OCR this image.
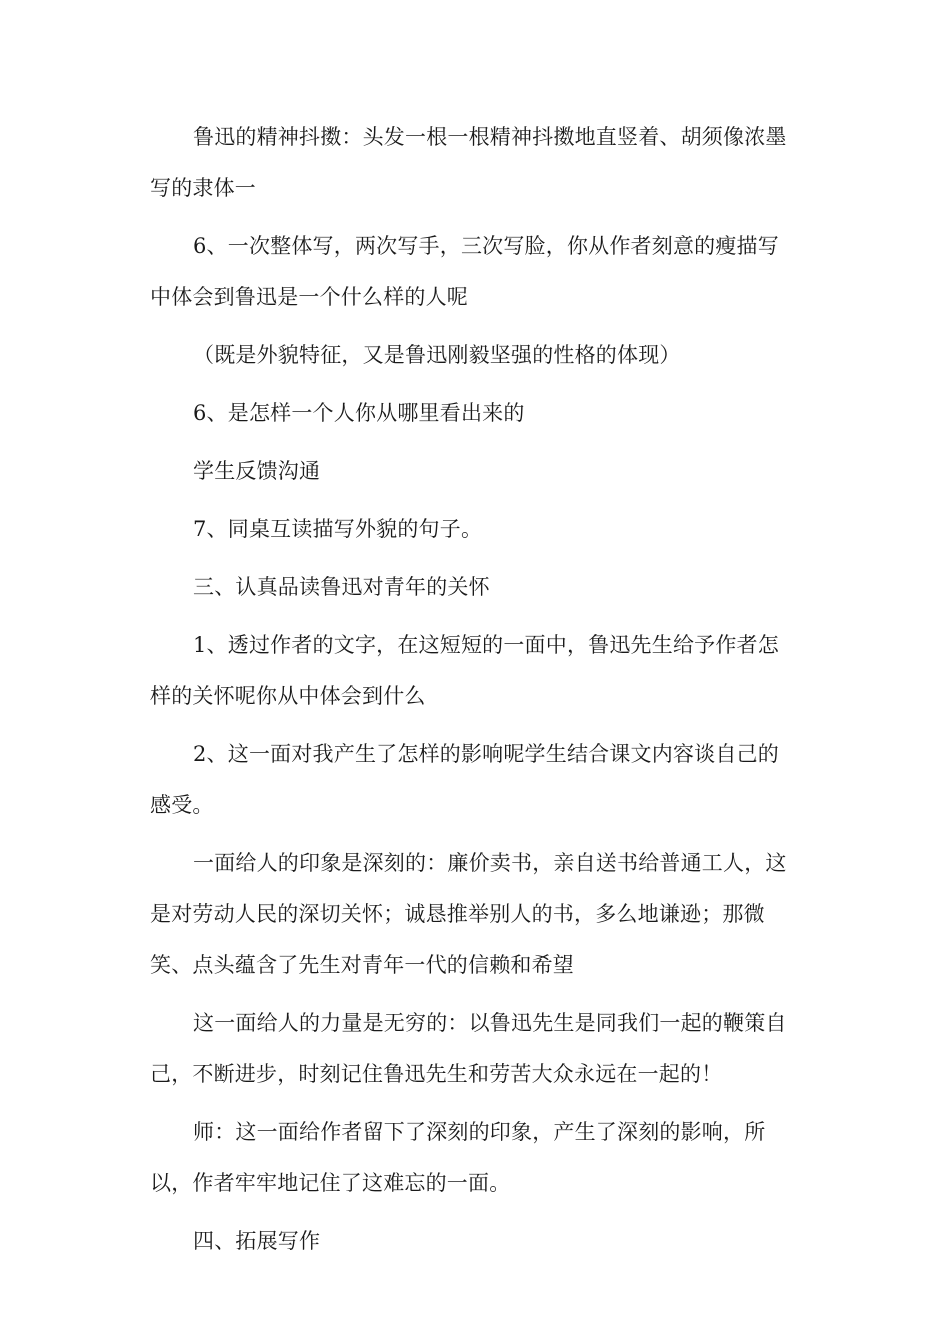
鲁迅的精神抖擞：头发一根一根精神抖擞地直竖着、胡须像浓墨写的隶体一

6、一次整体写，两次写手，三次写脸，你从作者刻意的瘦描写中体会到鲁迅是一个什么样的人呢

（既是外貌特征，又是鲁迅刚毅坚强的性格的体现）

6、是怎样一个人你从哪里看出来的

学生反馈沟通

7、同桌互读描写外貌的句子。

三、认真品读鲁迅对青年的关怀

1、透过作者的文字，在这短短的一面中，鲁迅先生给予作者怎样的关怀呢你从中体会到什么

2、这一面对我产生了怎样的影响呢学生结合课文内容谈自己的感受。

一面给人的印象是深刻的：廉价卖书，亲自送书给普通工人，这是对劳动人民的深切关怀；诚恳推举别人的书，多么地谦逊；那微笑、点头蕴含了先生对青年一代的信赖和希望

这一面给人的力量是无穷的：以鲁迅先生是同我们一起的鞭策自己，不断进步，时刻记住鲁迅先生和劳苦大众永远在一起的！

师：这一面给作者留下了深刻的印象，产生了深刻的影响，所以，作者牢牢地记住了这难忘的一面。

四、拓展写作
